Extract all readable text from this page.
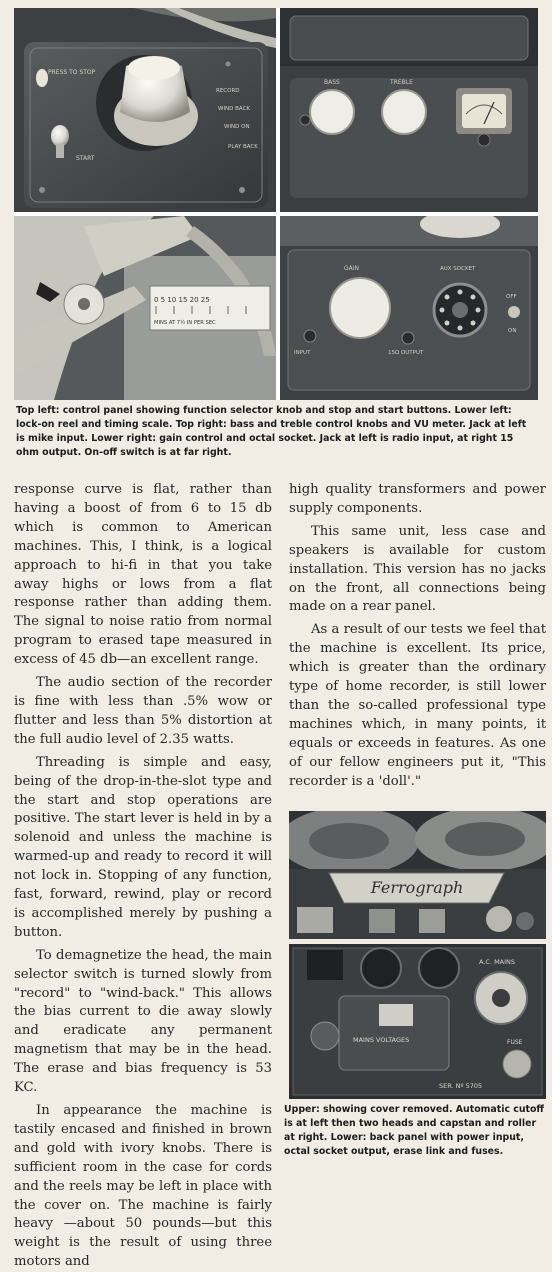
PRESS TO STOP
START
RECORD
WIND BACK
WIND ON
PLAY BACK
BASS	TREBLE
0 5 10 15 20 25
MINS AT 7½ IN PER SEC
GAIN	AUX SOCKET
INPUT	15Ω OUTPUT
OFF
ON

Top left: control panel showing function selector knob and stop and start buttons. Lower left: lock-on reel and timing scale. Top right: bass and treble control knobs and VU meter. Jack at left is mike input. Lower right: gain control and octal socket. Jack at left is radio input, at right 15 ohm output. On-off switch is at far right.

response curve is flat, rather than having a boost of from 6 to 15 db which is common to American machines. This, I think, is a logical approach to hi-fi in that you take away highs or lows from a flat response rather than adding them. The signal to noise ratio from normal program to erased tape measured in excess of 45 db—an excellent range.

The audio section of the recorder is fine with less than .5% wow or flutter and less than 5% distortion at the full audio level of 2.35 watts.

Threading is simple and easy, being of the drop-in-the-slot type and the start and stop operations are positive. The start lever is held in by a solenoid and unless the machine is warmed-up and ready to record it will not lock in. Stopping of any function, fast, forward, rewind, play or record is accomplished merely by pushing a button.

To demagnetize the head, the main selector switch is turned slowly from "record" to "wind-back." This allows the bias current to die away slowly and eradicate any permanent magnetism that may be in the head. The erase and bias frequency is 53 KC.

In appearance the machine is tastily encased and finished in brown and gold with ivory knobs. There is sufficient room in the case for cords and the reels may be left in place with the cover on. The machine is fairly heavy —about 50 pounds—but this weight is the result of using three motors and

high quality transformers and power supply components.

This same unit, less case and speakers is available for custom installation. This version has no jacks on the front, all connections being made on a rear panel.

As a result of our tests we feel that the machine is excellent. Its price, which is greater than the ordinary type of home recorder, is still lower than the so-called professional type machines which, in many points, it equals or exceeds in features. As one of our fellow engineers put it, "This recorder is a 'doll'."

Ferrograph
A.C. MAINS
MAINS VOLTAGES	FUSE
SER. Nº 5705

Upper: showing cover removed. Automatic cutoff is at left then two heads and capstan and roller at right. Lower: back panel with power input, octal socket output, erase link and fuses.
